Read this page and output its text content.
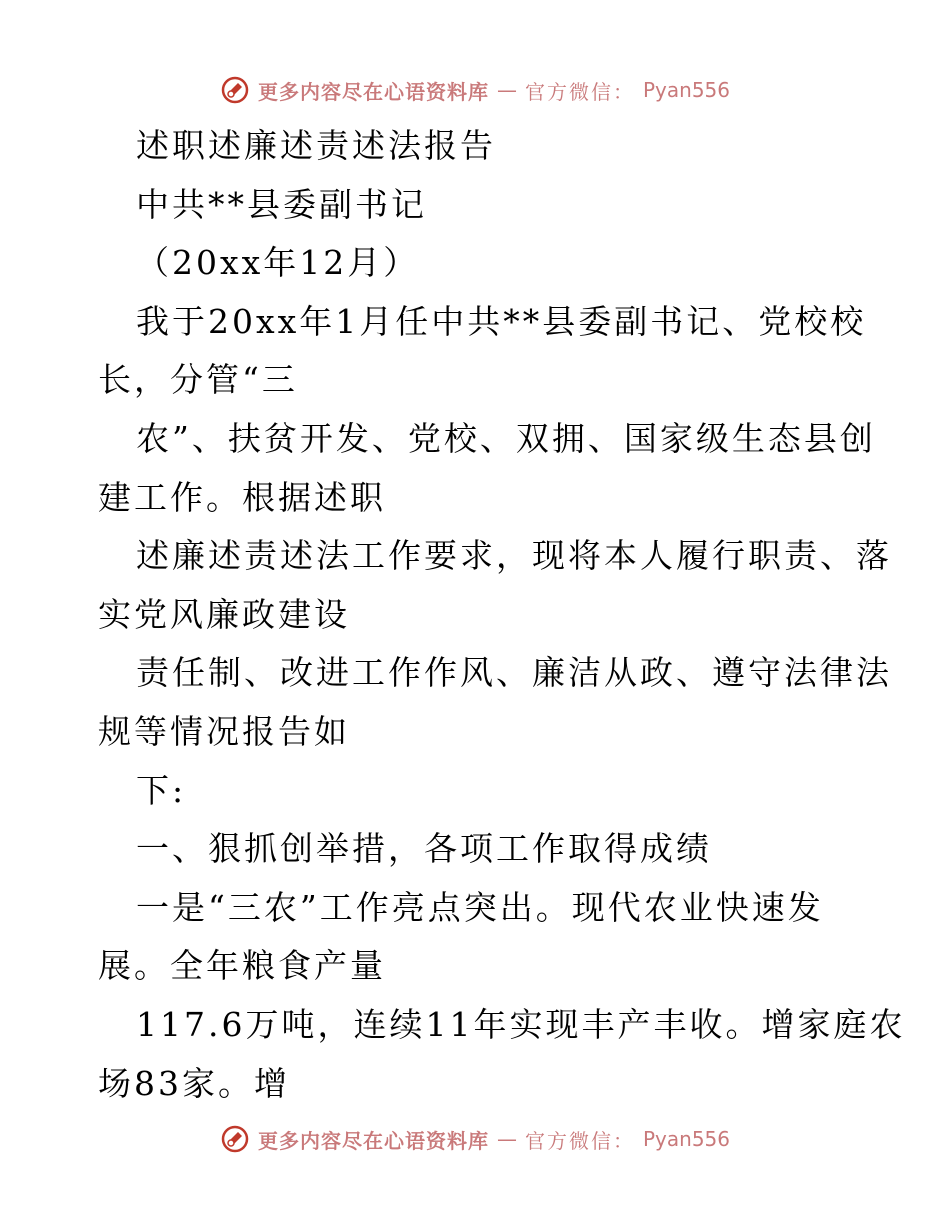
更多内容尽在心语资料库 — 官方微信： Pyan556
述职述廉述责述法报告
中共**县委副书记
（20xx年12月）
我于20xx年1月任中共**县委副书记、党校校
长，分管“三
农”、扶贫开发、党校、双拥、国家级生态县创
建工作。根据述职
述廉述责述法工作要求，现将本人履行职责、落
实党风廉政建设
责任制、改进工作作风、廉洁从政、遵守法律法
规等情况报告如
下:
一、狠抓创举措，各项工作取得成绩
一是“三农”工作亮点突出。现代农业快速发
展。全年粮食产量
117.6万吨，连续11年实现丰产丰收。增家庭农
场83家。增
更多内容尽在心语资料库 — 官方微信： Pyan556
